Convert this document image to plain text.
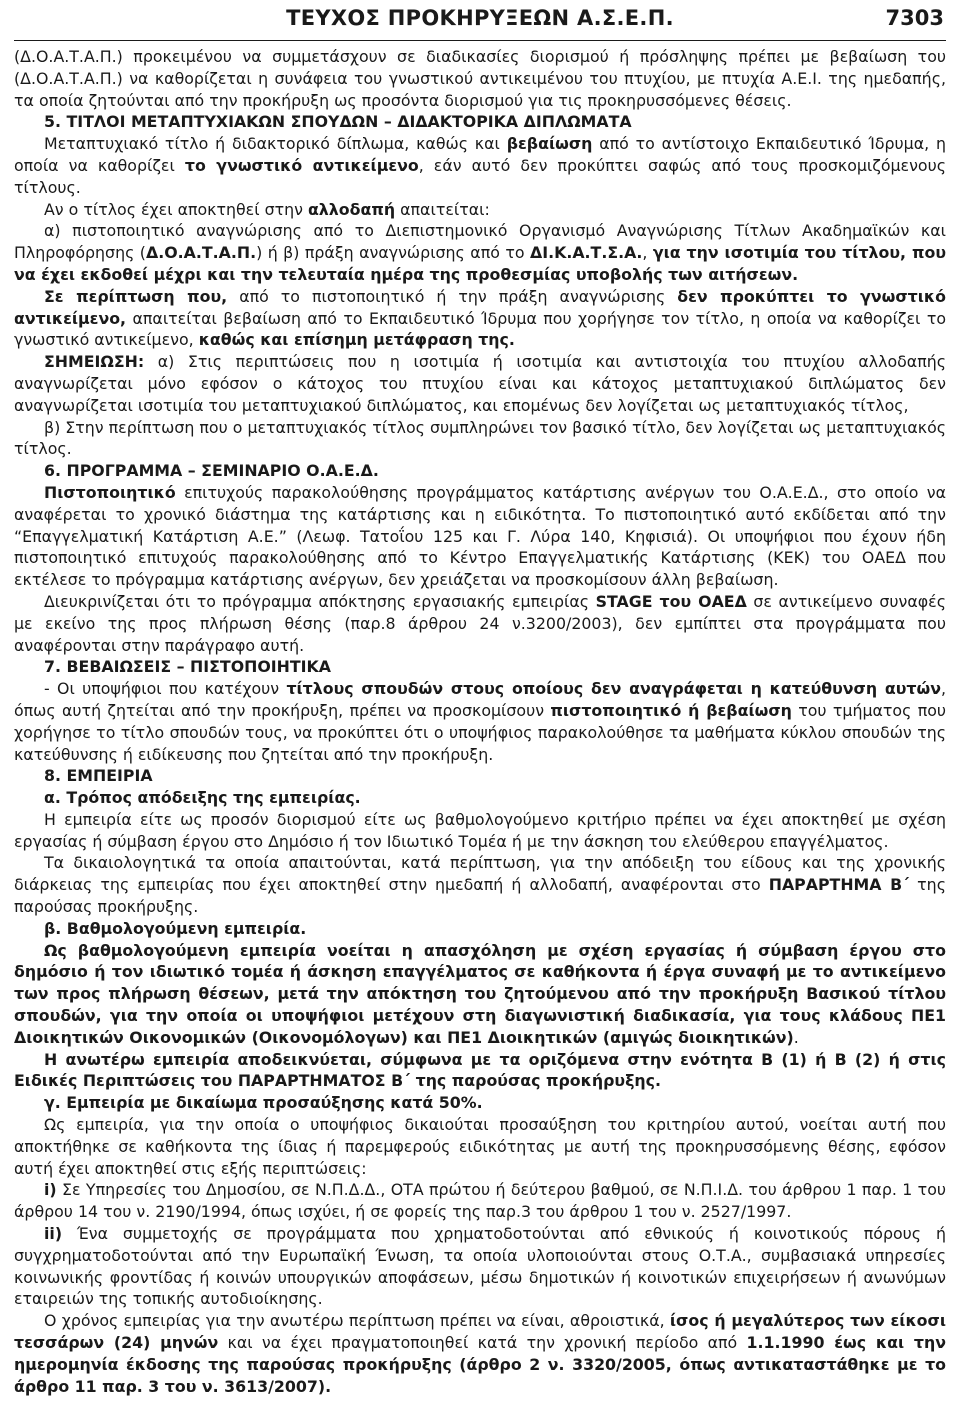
ΤΕΥΧΟΣ ΠΡΟΚΗΡΥΞΕΩΝ Α.Σ.Ε.Π.	7303

(Δ.Ο.Α.Τ.Α.Π.) προκειμένου να συμμετάσχουν σε διαδικασίες διορισμού ή πρόσληψης πρέπει με βεβαίωση του (Δ.Ο.Α.Τ.Α.Π.) να καθορίζεται η συνάφεια του γνωστικού αντικειμένου του πτυχίου, με πτυχία Α.Ε.Ι. της ημεδαπής, τα οποία ζητούνται από την προκήρυξη ως προσόντα διορισμού για τις προκηρυσσόμενες θέσεις.

5. ΤΙΤΛΟΙ ΜΕΤΑΠΤΥΧΙΑΚΩΝ ΣΠΟΥΔΩΝ – ΔΙΔΑΚΤΟΡΙΚΑ ΔΙΠΛΩΜΑΤΑ

Μεταπτυχιακό τίτλο ή διδακτορικό δίπλωμα, καθώς και βεβαίωση από το αντίστοιχο Εκπαιδευτικό Ίδρυμα, η οποία να καθορίζει το γνωστικό αντικείμενο, εάν αυτό δεν προκύπτει σαφώς από τους προσκομιζόμενους τίτλους.

Αν ο τίτλος έχει αποκτηθεί στην αλλοδαπή απαιτείται:

α) πιστοποιητικό αναγνώρισης από το Διεπιστημονικό Οργανισμό Αναγνώρισης Τίτλων Ακαδημαϊκών και Πληροφόρησης (Δ.Ο.Α.Τ.Α.Π.) ή β) πράξη αναγνώρισης από το ΔΙ.Κ.Α.Τ.Σ.Α., για την ισοτιμία του τίτλου, που να έχει εκδοθεί μέχρι και την τελευταία ημέρα της προθεσμίας υποβολής των αιτήσεων.

Σε περίπτωση που, από το πιστοποιητικό ή την πράξη αναγνώρισης δεν προκύπτει το γνωστικό αντικείμενο, απαιτείται βεβαίωση από το Εκπαιδευτικό Ίδρυμα που χορήγησε τον τίτλο, η οποία να καθορίζει το γνωστικό αντικείμενο, καθώς και επίσημη μετάφραση της.

ΣΗΜΕΙΩΣΗ: α) Στις περιπτώσεις που η ισοτιμία ή ισοτιμία και αντιστοιχία του πτυχίου αλλοδαπής αναγνωρίζεται μόνο εφόσον ο κάτοχος του πτυχίου είναι και κάτοχος μεταπτυχιακού διπλώματος δεν αναγνωρίζεται ισοτιμία του μεταπτυχιακού διπλώματος, και επομένως δεν λογίζεται ως μεταπτυχιακός τίτλος,

β) Στην περίπτωση που ο μεταπτυχιακός τίτλος συμπληρώνει τον βασικό τίτλο, δεν λογίζεται ως μεταπτυχιακός τίτλος.

6. ΠΡΟΓΡΑΜΜΑ – ΣΕΜΙΝΑΡΙΟ Ο.Α.Ε.Δ.

Πιστοποιητικό επιτυχούς παρακολούθησης προγράμματος κατάρτισης ανέργων του Ο.Α.Ε.Δ., στο οποίο να αναφέρεται το χρονικό διάστημα της κατάρτισης και η ειδικότητα. Το πιστοποιητικό αυτό εκδίδεται από την “Επαγγελματική Κατάρτιση Α.Ε.” (Λεωφ. Τατοΐου 125 και Γ. Λύρα 140, Κηφισιά). Οι υποψήφιοι που έχουν ήδη πιστοποιητικό επιτυχούς παρακολούθησης από το Κέντρο Επαγγελματικής Κατάρτισης (ΚΕΚ) του ΟΑΕΔ που εκτέλεσε το πρόγραμμα κατάρτισης ανέργων, δεν χρειάζεται να προσκομίσουν άλλη βεβαίωση.

Διευκρινίζεται ότι το πρόγραμμα απόκτησης εργασιακής εμπειρίας STAGE του ΟΑΕΔ σε αντικείμενο συναφές με εκείνο της προς πλήρωση θέσης (παρ.8 άρθρου 24 ν.3200/2003), δεν εμπίπτει στα προγράμματα που αναφέρονται στην παράγραφο αυτή.

7. ΒΕΒΑΙΩΣΕΙΣ – ΠΙΣΤΟΠΟΙΗΤΙΚΑ

- Οι υποψήφιοι που κατέχουν τίτλους σπουδών στους οποίους δεν αναγράφεται η κατεύθυνση αυτών, όπως αυτή ζητείται από την προκήρυξη, πρέπει να προσκομίσουν πιστοποιητικό ή βεβαίωση του τμήματος που χορήγησε το τίτλο σπουδών τους, να προκύπτει ότι ο υποψήφιος παρακολούθησε τα μαθήματα κύκλου σπουδών της κατεύθυνσης ή ειδίκευσης που ζητείται από την προκήρυξη.

8. ΕΜΠΕΙΡΙΑ

α. Τρόπος απόδειξης της εμπειρίας.

Η εμπειρία είτε ως προσόν διορισμού είτε ως βαθμολογούμενο κριτήριο πρέπει να έχει αποκτηθεί με σχέση εργασίας ή σύμβαση έργου στο Δημόσιο ή τον Ιδιωτικό Τομέα ή με την άσκηση του ελεύθερου επαγγέλματος.

Τα δικαιολογητικά τα οποία απαιτούνται, κατά περίπτωση, για την απόδειξη του είδους και της χρονικής διάρκειας της εμπειρίας που έχει αποκτηθεί στην ημεδαπή ή αλλοδαπή, αναφέρονται στο ΠΑΡΑΡΤΗΜΑ Β΄ της παρούσας προκήρυξης.

β. Βαθμολογούμενη εμπειρία.

Ως βαθμολογούμενη εμπειρία νοείται η απασχόληση με σχέση εργασίας ή σύμβαση έργου στο δημόσιο ή τον ιδιωτικό τομέα ή άσκηση επαγγέλματος σε καθήκοντα ή έργα συναφή με το αντικείμενο των προς πλήρωση θέσεων, μετά την απόκτηση του ζητούμενου από την προκήρυξη Βασικού τίτλου σπουδών, για την οποία οι υποψήφιοι μετέχουν στη διαγωνιστική διαδικασία, για τους κλάδους ΠΕ1 Διοικητικών Οικονομικών (Οικονομόλογων) και ΠΕ1 Διοικητικών (αμιγώς διοικητικών).

Η ανωτέρω εμπειρία αποδεικνύεται, σύμφωνα με τα οριζόμενα στην ενότητα Β (1) ή Β (2) ή στις Ειδικές Περιπτώσεις του ΠΑΡΑΡΤΗΜΑΤΟΣ Β΄ της παρούσας προκήρυξης.

γ. Εμπειρία με δικαίωμα προσαύξησης κατά 50%.

Ως εμπειρία, για την οποία ο υποψήφιος δικαιούται προσαύξηση του κριτηρίου αυτού, νοείται αυτή που αποκτήθηκε σε καθήκοντα της ίδιας ή παρεμφερούς ειδικότητας με αυτή της προκηρυσσόμενης θέσης, εφόσον αυτή έχει αποκτηθεί στις εξής περιπτώσεις:

i) Σε Υπηρεσίες του Δημοσίου, σε Ν.Π.Δ.Δ., ΟΤΑ πρώτου ή δεύτερου βαθμού, σε Ν.Π.Ι.Δ. του άρθρου 1 παρ. 1 του άρθρου 14 του ν. 2190/1994, όπως ισχύει, ή σε φορείς της παρ.3 του άρθρου 1 του ν. 2527/1997.

ii) Ένα συμμετοχής σε προγράμματα που χρηματοδοτούνται από εθνικούς ή κοινοτικούς πόρους ή συγχρηματοδοτούνται από την Ευρωπαϊκή Ένωση, τα οποία υλοποιούνται στους Ο.Τ.Α., συμβασιακά υπηρεσίες κοινωνικής φροντίδας ή κοινών υπουργικών αποφάσεων, μέσω δημοτικών ή κοινοτικών επιχειρήσεων ή ανωνύμων εταιρειών της τοπικής αυτοδιοίκησης.

Ο χρόνος εμπειρίας για την ανωτέρω περίπτωση πρέπει να είναι, αθροιστικά, ίσος ή μεγαλύτερος των είκοσι τεσσάρων (24) μηνών και να έχει πραγματοποιηθεί κατά την χρονική περίοδο από 1.1.1990 έως και την ημερομηνία έκδοσης της παρούσας προκήρυξης (άρθρο 2 ν. 3320/2005, όπως αντικαταστάθηκε με το άρθρο 11 παρ. 3 του ν. 3613/2007).
